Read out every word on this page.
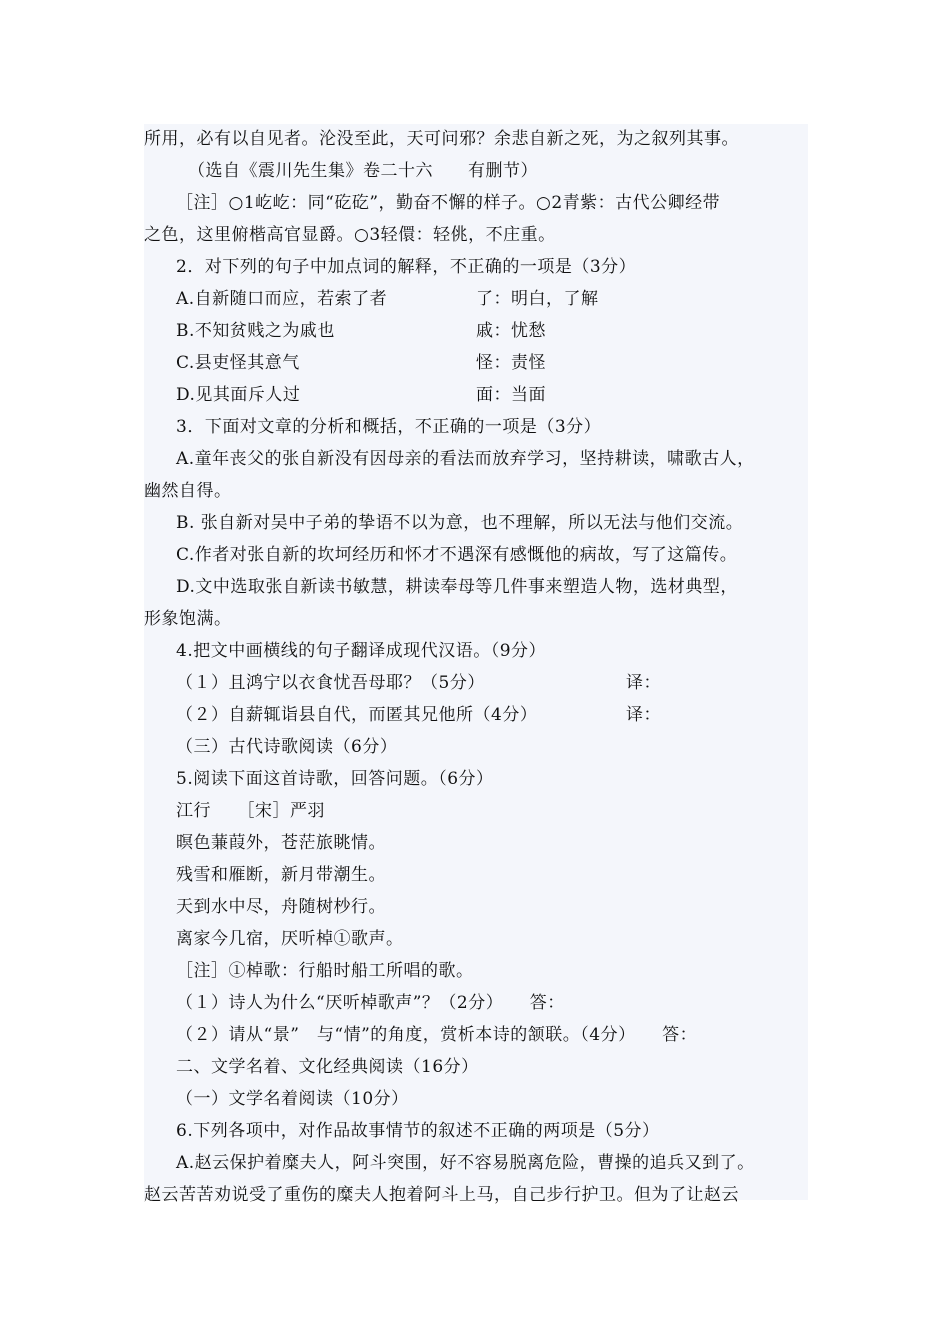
所用，必有以自见者。沦没至此，天可问邪？余悲自新之死，为之叙列其事。
（选自《震川先生集》卷二十六　　有删节）
［注］○1屹屹：同“矻矻”，勤奋不懈的样子。○2青紫：古代公卿经带
之色，这里俯楷高官显爵。○3轻儇：轻佻，不庄重。
2．对下列的句子中加点词的解释，不正确的一项是（3分）
A.自新随口而应，若索了者	了：明白，了解
B.不知贫贱之为戚也	戚：忧愁
C.县吏怪其意气	怪：责怪
D.见其面斥人过	面：当面
3．下面对文章的分析和概括，不正确的一项是（3分）
A.童年丧父的张自新没有因母亲的看法而放弃学习，坚持耕读，啸歌古人，
幽然自得。
B. 张自新对吴中子弟的挚语不以为意，也不理解，所以无法与他们交流。
C.作者对张自新的坎坷经历和怀才不遇深有感慨他的病故，写了这篇传。
D.文中选取张自新读书敏慧，耕读奉母等几件事来塑造人物，选材典型，
形象饱满。
4.把文中画横线的句子翻译成现代汉语。（9分）
（１）且鸿宁以衣食忧吾母耶？（5分）	译：
（２）自薪辄诣县自代，而匿其兄他所（4分）	译：
（三）古代诗歌阅读（6分）
5.阅读下面这首诗歌，回答问题。（6分）
江行　　［宋］严羽
暝色蒹葭外，苍茫旅眺情。
残雪和雁断，新月带潮生。
天到水中尽，舟随树杪行。
离家今几宿，厌听棹①歌声。
［注］①棹歌：行船时船工所唱的歌。
（１）诗人为什么“厌听棹歌声”？（2分）　　答：
（２）请从“景”　与“情”的角度，赏析本诗的颔联。（4分）　　答：
二、文学名着、文化经典阅读（16分）
（一）文学名着阅读（10分）
6.下列各项中，对作品故事情节的叙述不正确的两项是（5分）
A.赵云保护着糜夫人，阿斗突围，好不容易脱离危险，曹操的追兵又到了。
赵云苦苦劝说受了重伤的糜夫人抱着阿斗上马，自己步行护卫。但为了让赵云
